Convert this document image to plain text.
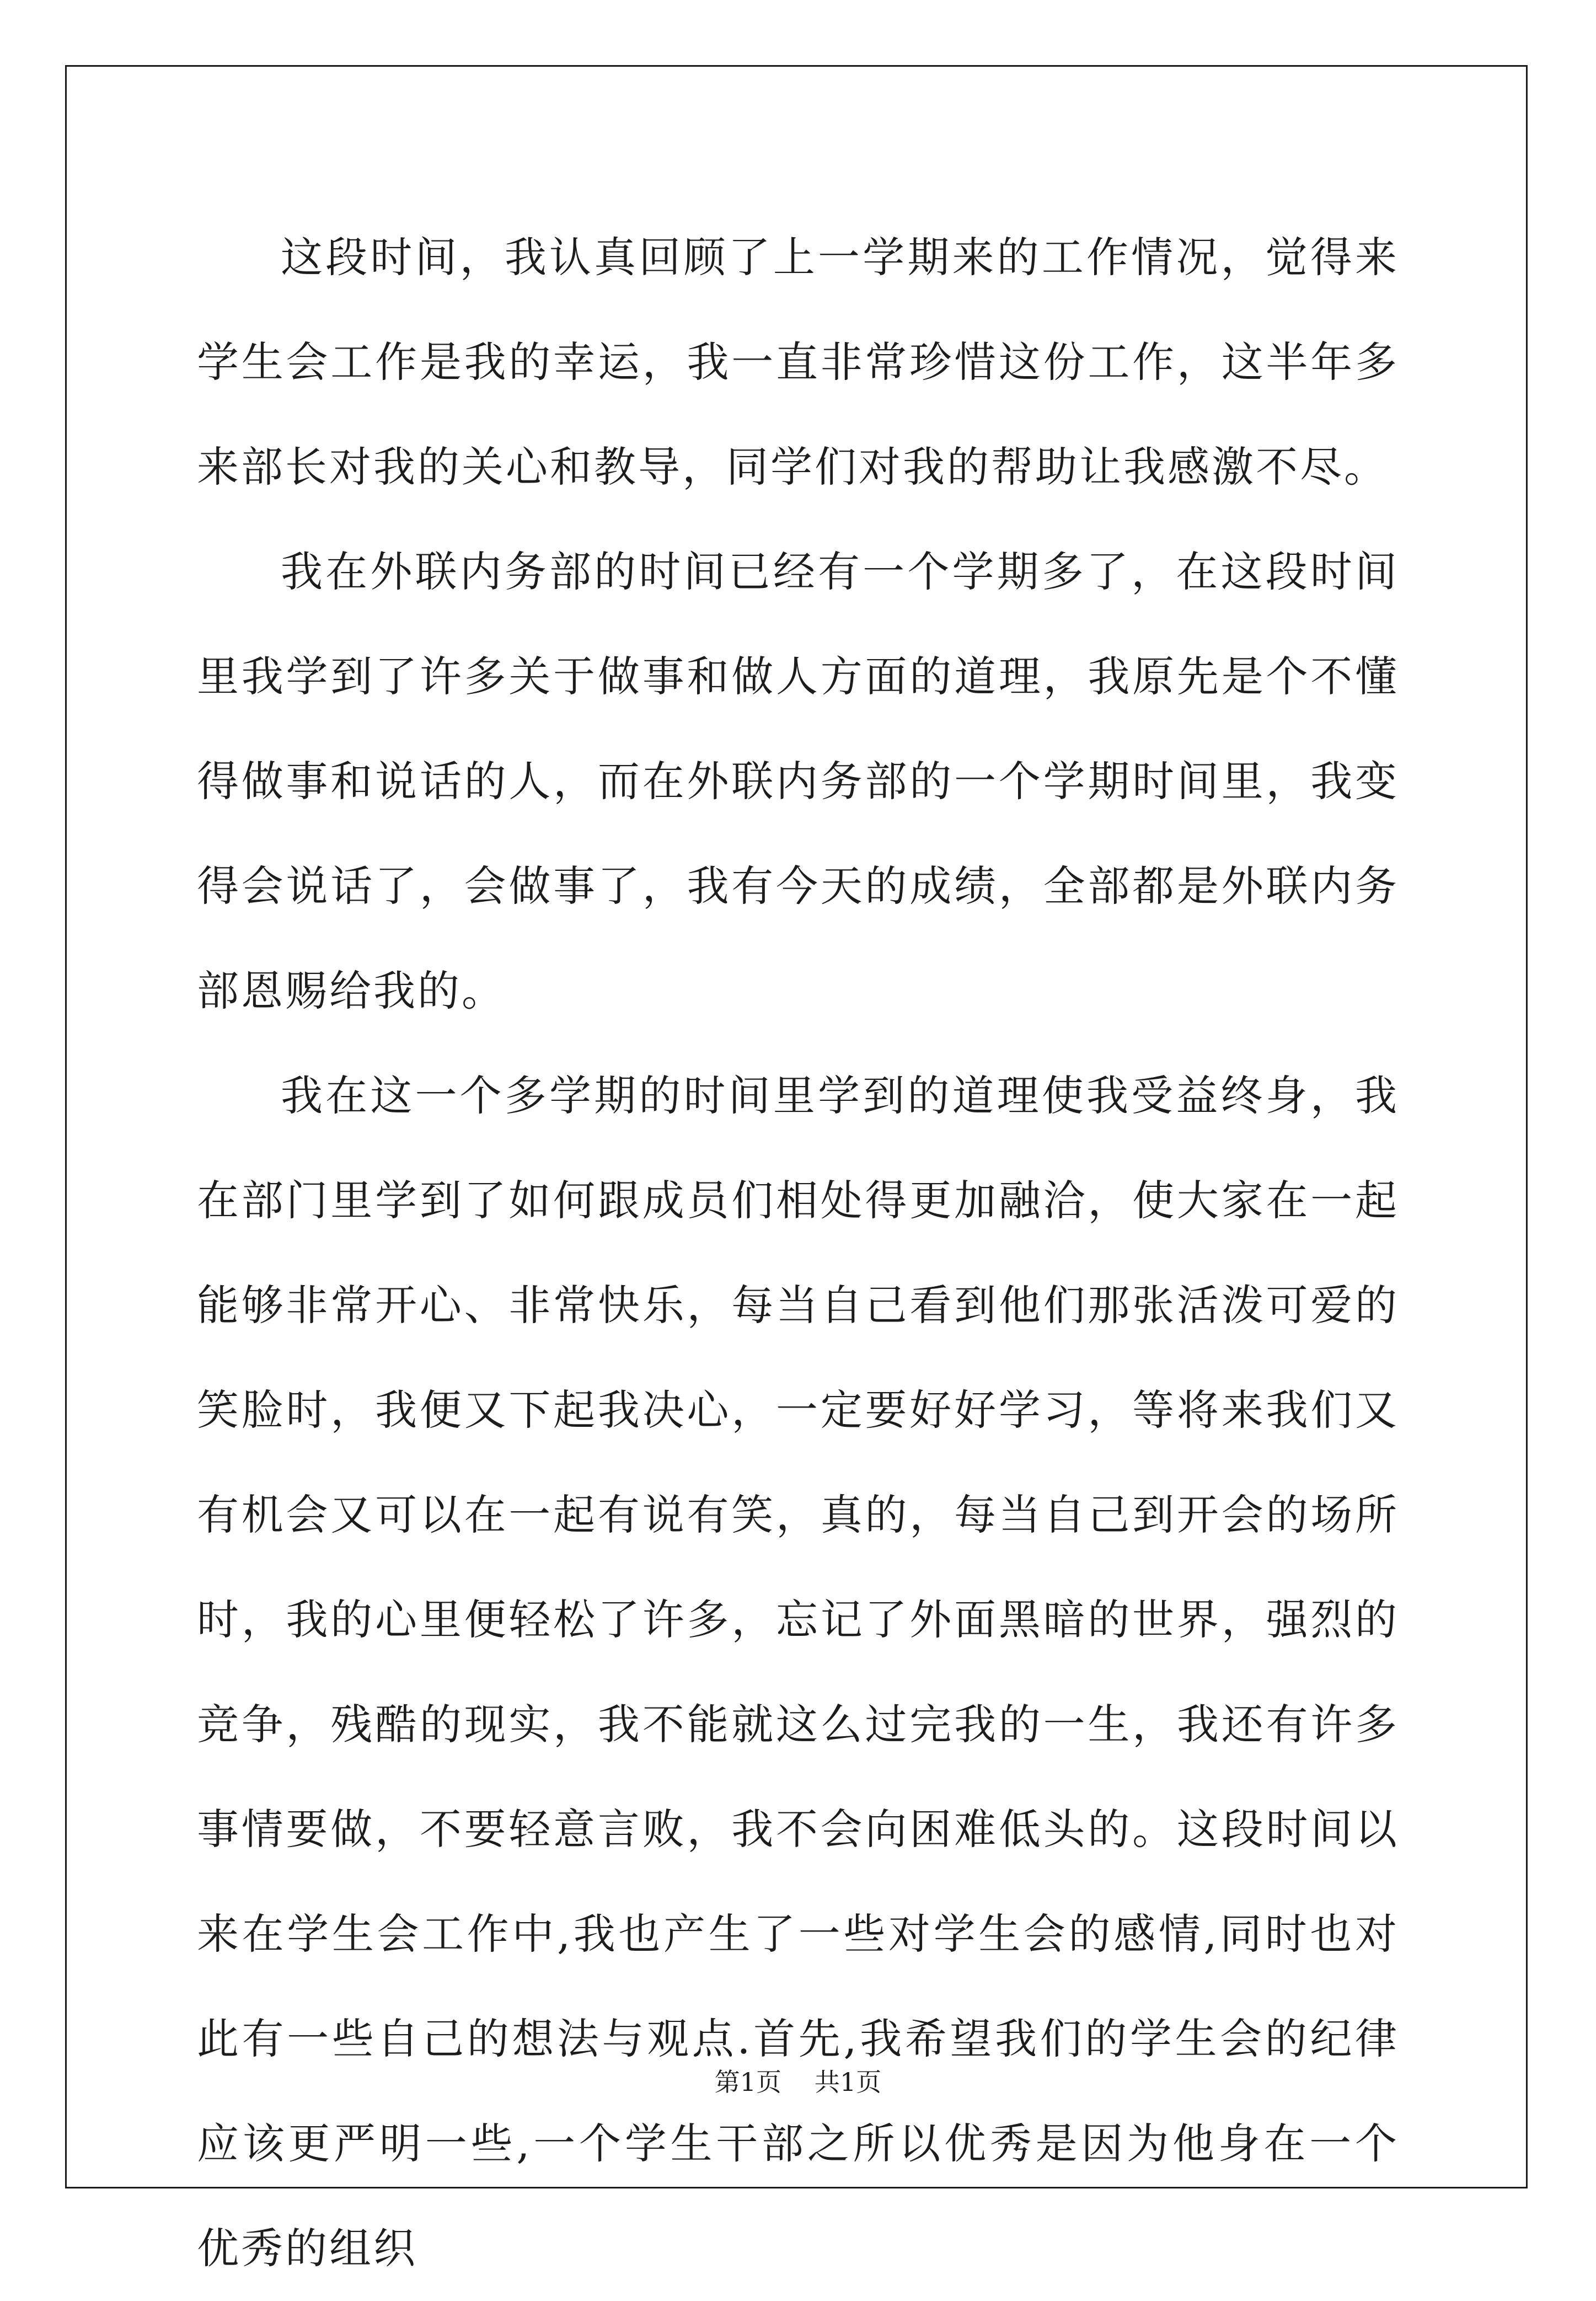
这段时间，我认真回顾了上一学期来的工作情况，觉得来学生会工作是我的幸运，我一直非常珍惜这份工作，这半年多来部长对我的关心和教导，同学们对我的帮助让我感激不尽。

我在外联内务部的时间已经有一个学期多了，在这段时间里我学到了许多关于做事和做人方面的道理，我原先是个不懂得做事和说话的人，而在外联内务部的一个学期时间里，我变得会说话了，会做事了，我有今天的成绩，全部都是外联内务部恩赐给我的。

我在这一个多学期的时间里学到的道理使我受益终身，我在部门里学到了如何跟成员们相处得更加融洽，使大家在一起能够非常开心、非常快乐，每当自己看到他们那张活泼可爱的笑脸时，我便又下起我决心，一定要好好学习，等将来我们又有机会又可以在一起有说有笑，真的，每当自己到开会的场所时，我的心里便轻松了许多，忘记了外面黑暗的世界，强烈的竞争，残酷的现实，我不能就这么过完我的一生，我还有许多事情要做，不要轻意言败，我不会向困难低头的。这段时间以来在学生会工作中,我也产生了一些对学生会的感情,同时也对此有一些自己的想法与观点.首先,我希望我们的学生会的纪律应该更严明一些,一个学生干部之所以优秀是因为他身在一个优秀的组织

第1页 共1页
